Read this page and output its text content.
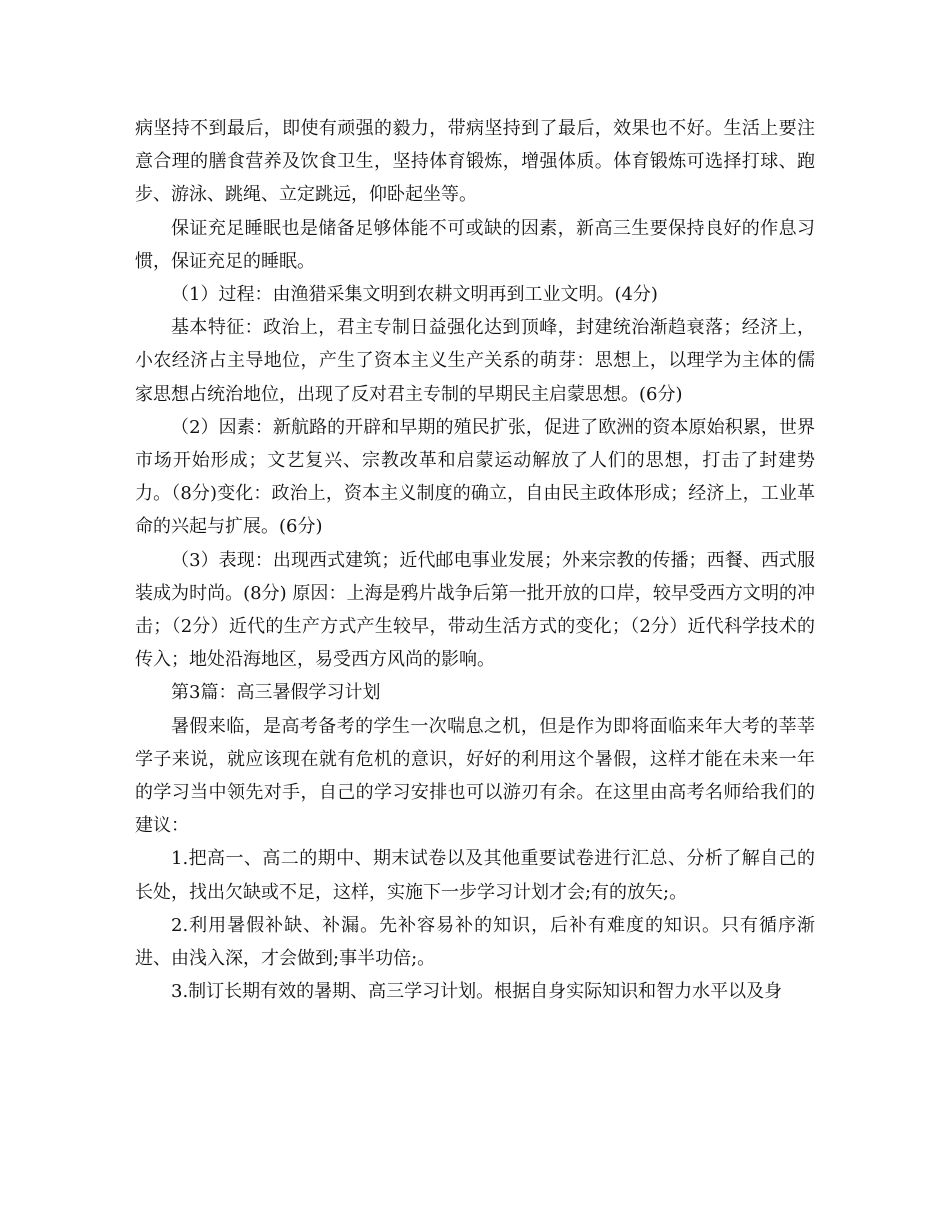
病坚持不到最后，即使有顽强的毅力，带病坚持到了最后，效果也不好。生活上要注意合理的膳食营养及饮食卫生，坚持体育锻炼，增强体质。体育锻炼可选择打球、跑步、游泳、跳绳、立定跳远，仰卧起坐等。

保证充足睡眠也是储备足够体能不可或缺的因素，新高三生要保持良好的作息习惯，保证充足的睡眠。

（1）过程：由渔猎采集文明到农耕文明再到工业文明。(4分)

基本特征：政治上，君主专制日益强化达到顶峰，封建统治渐趋衰落；经济上，小农经济占主导地位，产生了资本主义生产关系的萌芽：思想上，以理学为主体的儒家思想占统治地位，出现了反对君主专制的早期民主启蒙思想。(6分)

（2）因素：新航路的开辟和早期的殖民扩张，促进了欧洲的资本原始积累，世界市场开始形成；文艺复兴、宗教改革和启蒙运动解放了人们的思想，打击了封建势力。（8分)变化：政治上，资本主义制度的确立，自由民主政体形成；经济上，工业革命的兴起与扩展。(6分)

（3）表现：出现西式建筑；近代邮电事业发展；外来宗教的传播；西餐、西式服装成为时尚。(8分) 原因：上海是鸦片战争后第一批开放的口岸，较早受西方文明的冲击；（2分）近代的生产方式产生较早，带动生活方式的变化；（2分）近代科学技术的传入；地处沿海地区，易受西方风尚的影响。

第3篇：高三暑假学习计划

暑假来临，是高考备考的学生一次喘息之机，但是作为即将面临来年大考的莘莘学子来说，就应该现在就有危机的意识，好好的利用这个暑假，这样才能在未来一年的学习当中领先对手，自己的学习安排也可以游刃有余。在这里由高考名师给我们的建议：

1.把高一、高二的期中、期末试卷以及其他重要试卷进行汇总、分析了解自己的长处，找出欠缺或不足，这样，实施下一步学习计划才会;有的放矢;。

2.利用暑假补缺、补漏。先补容易补的知识，后补有难度的知识。只有循序渐进、由浅入深，才会做到;事半功倍;。

3.制订长期有效的暑期、高三学习计划。根据自身实际知识和智力水平以及身
